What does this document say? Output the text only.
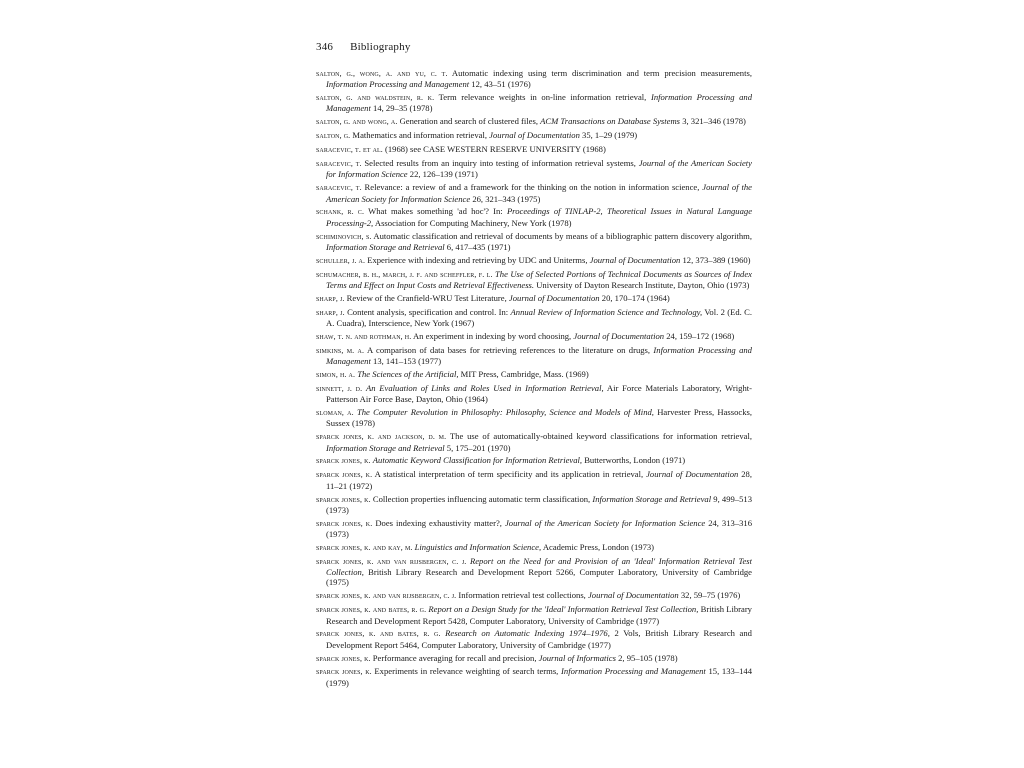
346 Bibliography
salton, g., wong, a. and yu, c. t. Automatic indexing using term discrimination and term precision measurements, Information Processing and Management 12, 43–51 (1976)
salton, g. and waldstein, r. k. Term relevance weights in on-line information retrieval, Information Processing and Management 14, 29–35 (1978)
salton, g. and wong, a. Generation and search of clustered files, ACM Transactions on Database Systems 3, 321–346 (1978)
salton, g. Mathematics and information retrieval, Journal of Documentation 35, 1–29 (1979)
saracevic, t. et al. (1968) see CASE WESTERN RESERVE UNIVERSITY (1968)
saracevic, t. Selected results from an inquiry into testing of information retrieval systems, Journal of the American Society for Information Science 22, 126–139 (1971)
saracevic, t. Relevance: a review of and a framework for the thinking on the notion in information science, Journal of the American Society for Information Science 26, 321–343 (1975)
schank, r. c. What makes something 'ad hoc'? In: Proceedings of TINLAP-2, Theoretical Issues in Natural Language Processing-2, Association for Computing Machinery, New York (1978)
schiminovich, s. Automatic classification and retrieval of documents by means of a bibliographic pattern discovery algorithm, Information Storage and Retrieval 6, 417–435 (1971)
schuller, j. a. Experience with indexing and retrieving by UDC and Uniterms, Journal of Documentation 12, 373–389 (1960)
schumacher, b. h., march, j. f. and scheffler, f. l. The Use of Selected Portions of Technical Documents as Sources of Index Terms and Effect on Input Costs and Retrieval Effectiveness. University of Dayton Research Institute, Dayton, Ohio (1973)
sharp, j. Review of the Cranfield-WRU Test Literature, Journal of Documentation 20, 170–174 (1964)
sharp, j. Content analysis, specification and control. In: Annual Review of Information Science and Technology, Vol. 2 (Ed. C. A. Cuadra), Interscience, New York (1967)
shaw, t. n. and rothman, h. An experiment in indexing by word choosing, Journal of Documentation 24, 159–172 (1968)
simkins, m. a. A comparison of data bases for retrieving references to the literature on drugs, Information Processing and Management 13, 141–153 (1977)
simon, h. a. The Sciences of the Artificial, MIT Press, Cambridge, Mass. (1969)
sinnett, j. d. An Evaluation of Links and Roles Used in Information Retrieval, Air Force Materials Laboratory, Wright-Patterson Air Force Base, Dayton, Ohio (1964)
sloman, a. The Computer Revolution in Philosophy: Philosophy, Science and Models of Mind, Harvester Press, Hassocks, Sussex (1978)
sparck jones, k. and jackson, d. m. The use of automatically-obtained keyword classifications for information retrieval, Information Storage and Retrieval 5, 175–201 (1970)
sparck jones, k. Automatic Keyword Classification for Information Retrieval, Butterworths, London (1971)
sparck jones, k. A statistical interpretation of term specificity and its application in retrieval, Journal of Documentation 28, 11–21 (1972)
sparck jones, k. Collection properties influencing automatic term classification, Information Storage and Retrieval 9, 499–513 (1973)
sparck jones, k. Does indexing exhaustivity matter?, Journal of the American Society for Information Science 24, 313–316 (1973)
sparck jones, k. and kay, m. Linguistics and Information Science, Academic Press, London (1973)
sparck jones, k. and van rijsbergen, c. j. Report on the Need for and Provision of an 'Ideal' Information Retrieval Test Collection, British Library Research and Development Report 5266, Computer Laboratory, University of Cambridge (1975)
sparck jones, k. and van rijsbergen, c. j. Information retrieval test collections, Journal of Documentation 32, 59–75 (1976)
sparck jones, k. and bates, r. g. Report on a Design Study for the 'Ideal' Information Retrieval Test Collection, British Library Research and Development Report 5428, Computer Laboratory, University of Cambridge (1977)
sparck jones, k. and bates, r. g. Research on Automatic Indexing 1974–1976, 2 Vols, British Library Research and Development Report 5464, Computer Laboratory, University of Cambridge (1977)
sparck jones, k. Performance averaging for recall and precision, Journal of Informatics 2, 95–105 (1978)
sparck jones, k. Experiments in relevance weighting of search terms, Information Processing and Management 15, 133–144 (1979)
